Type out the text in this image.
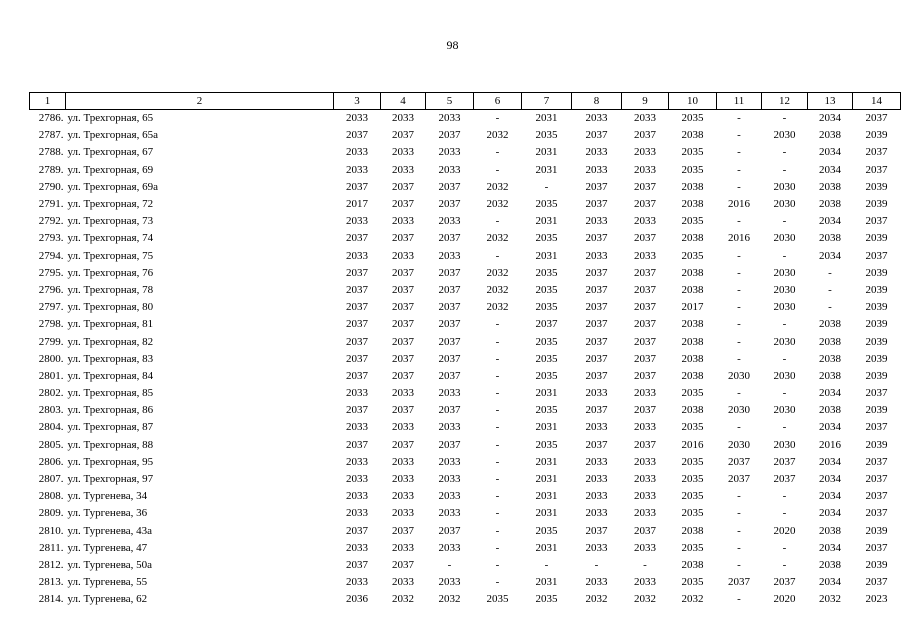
98
1	2	3	4	5	6	7	8	9	10	11	12	13	14
2786.	ул. Трехгорная, 65	2033	2033	2033	-	2031	2033	2033	2035	-	-	2034	2037
2787.	ул. Трехгорная, 65а	2037	2037	2037	2032	2035	2037	2037	2038	-	2030	2038	2039
2788.	ул. Трехгорная, 67	2033	2033	2033	-	2031	2033	2033	2035	-	-	2034	2037
2789.	ул. Трехгорная, 69	2033	2033	2033	-	2031	2033	2033	2035	-	-	2034	2037
2790.	ул. Трехгорная, 69а	2037	2037	2037	2032	-	2037	2037	2038	-	2030	2038	2039
2791.	ул. Трехгорная, 72	2017	2037	2037	2032	2035	2037	2037	2038	2016	2030	2038	2039
2792.	ул. Трехгорная, 73	2033	2033	2033	-	2031	2033	2033	2035	-	-	2034	2037
2793.	ул. Трехгорная, 74	2037	2037	2037	2032	2035	2037	2037	2038	2016	2030	2038	2039
2794.	ул. Трехгорная, 75	2033	2033	2033	-	2031	2033	2033	2035	-	-	2034	2037
2795.	ул. Трехгорная, 76	2037	2037	2037	2032	2035	2037	2037	2038	-	2030	-	2039
2796.	ул. Трехгорная, 78	2037	2037	2037	2032	2035	2037	2037	2038	-	2030	-	2039
2797.	ул. Трехгорная, 80	2037	2037	2037	2032	2035	2037	2037	2017	-	2030	-	2039
2798.	ул. Трехгорная, 81	2037	2037	2037	-	2037	2037	2037	2038	-	-	2038	2039
2799.	ул. Трехгорная, 82	2037	2037	2037	-	2035	2037	2037	2038	-	2030	2038	2039
2800.	ул. Трехгорная, 83	2037	2037	2037	-	2035	2037	2037	2038	-	-	2038	2039
2801.	ул. Трехгорная, 84	2037	2037	2037	-	2035	2037	2037	2038	2030	2030	2038	2039
2802.	ул. Трехгорная, 85	2033	2033	2033	-	2031	2033	2033	2035	-	-	2034	2037
2803.	ул. Трехгорная, 86	2037	2037	2037	-	2035	2037	2037	2038	2030	2030	2038	2039
2804.	ул. Трехгорная, 87	2033	2033	2033	-	2031	2033	2033	2035	-	-	2034	2037
2805.	ул. Трехгорная, 88	2037	2037	2037	-	2035	2037	2037	2016	2030	2030	2016	2039
2806.	ул. Трехгорная, 95	2033	2033	2033	-	2031	2033	2033	2035	2037	2037	2034	2037
2807.	ул. Трехгорная, 97	2033	2033	2033	-	2031	2033	2033	2035	2037	2037	2034	2037
2808.	ул. Тургенева, 34	2033	2033	2033	-	2031	2033	2033	2035	-	-	2034	2037
2809.	ул. Тургенева, 36	2033	2033	2033	-	2031	2033	2033	2035	-	-	2034	2037
2810.	ул. Тургенева, 43а	2037	2037	2037	-	2035	2037	2037	2038	-	2020	2038	2039
2811.	ул. Тургенева, 47	2033	2033	2033	-	2031	2033	2033	2035	-	-	2034	2037
2812.	ул. Тургенева, 50а	2037	2037	-	-	-	-	-	2038	-	-	2038	2039
2813.	ул. Тургенева, 55	2033	2033	2033	-	2031	2033	2033	2035	2037	2037	2034	2037
2814.	ул. Тургенева, 62	2036	2032	2032	2035	2035	2032	2032	2032	-	2020	2032	2023
